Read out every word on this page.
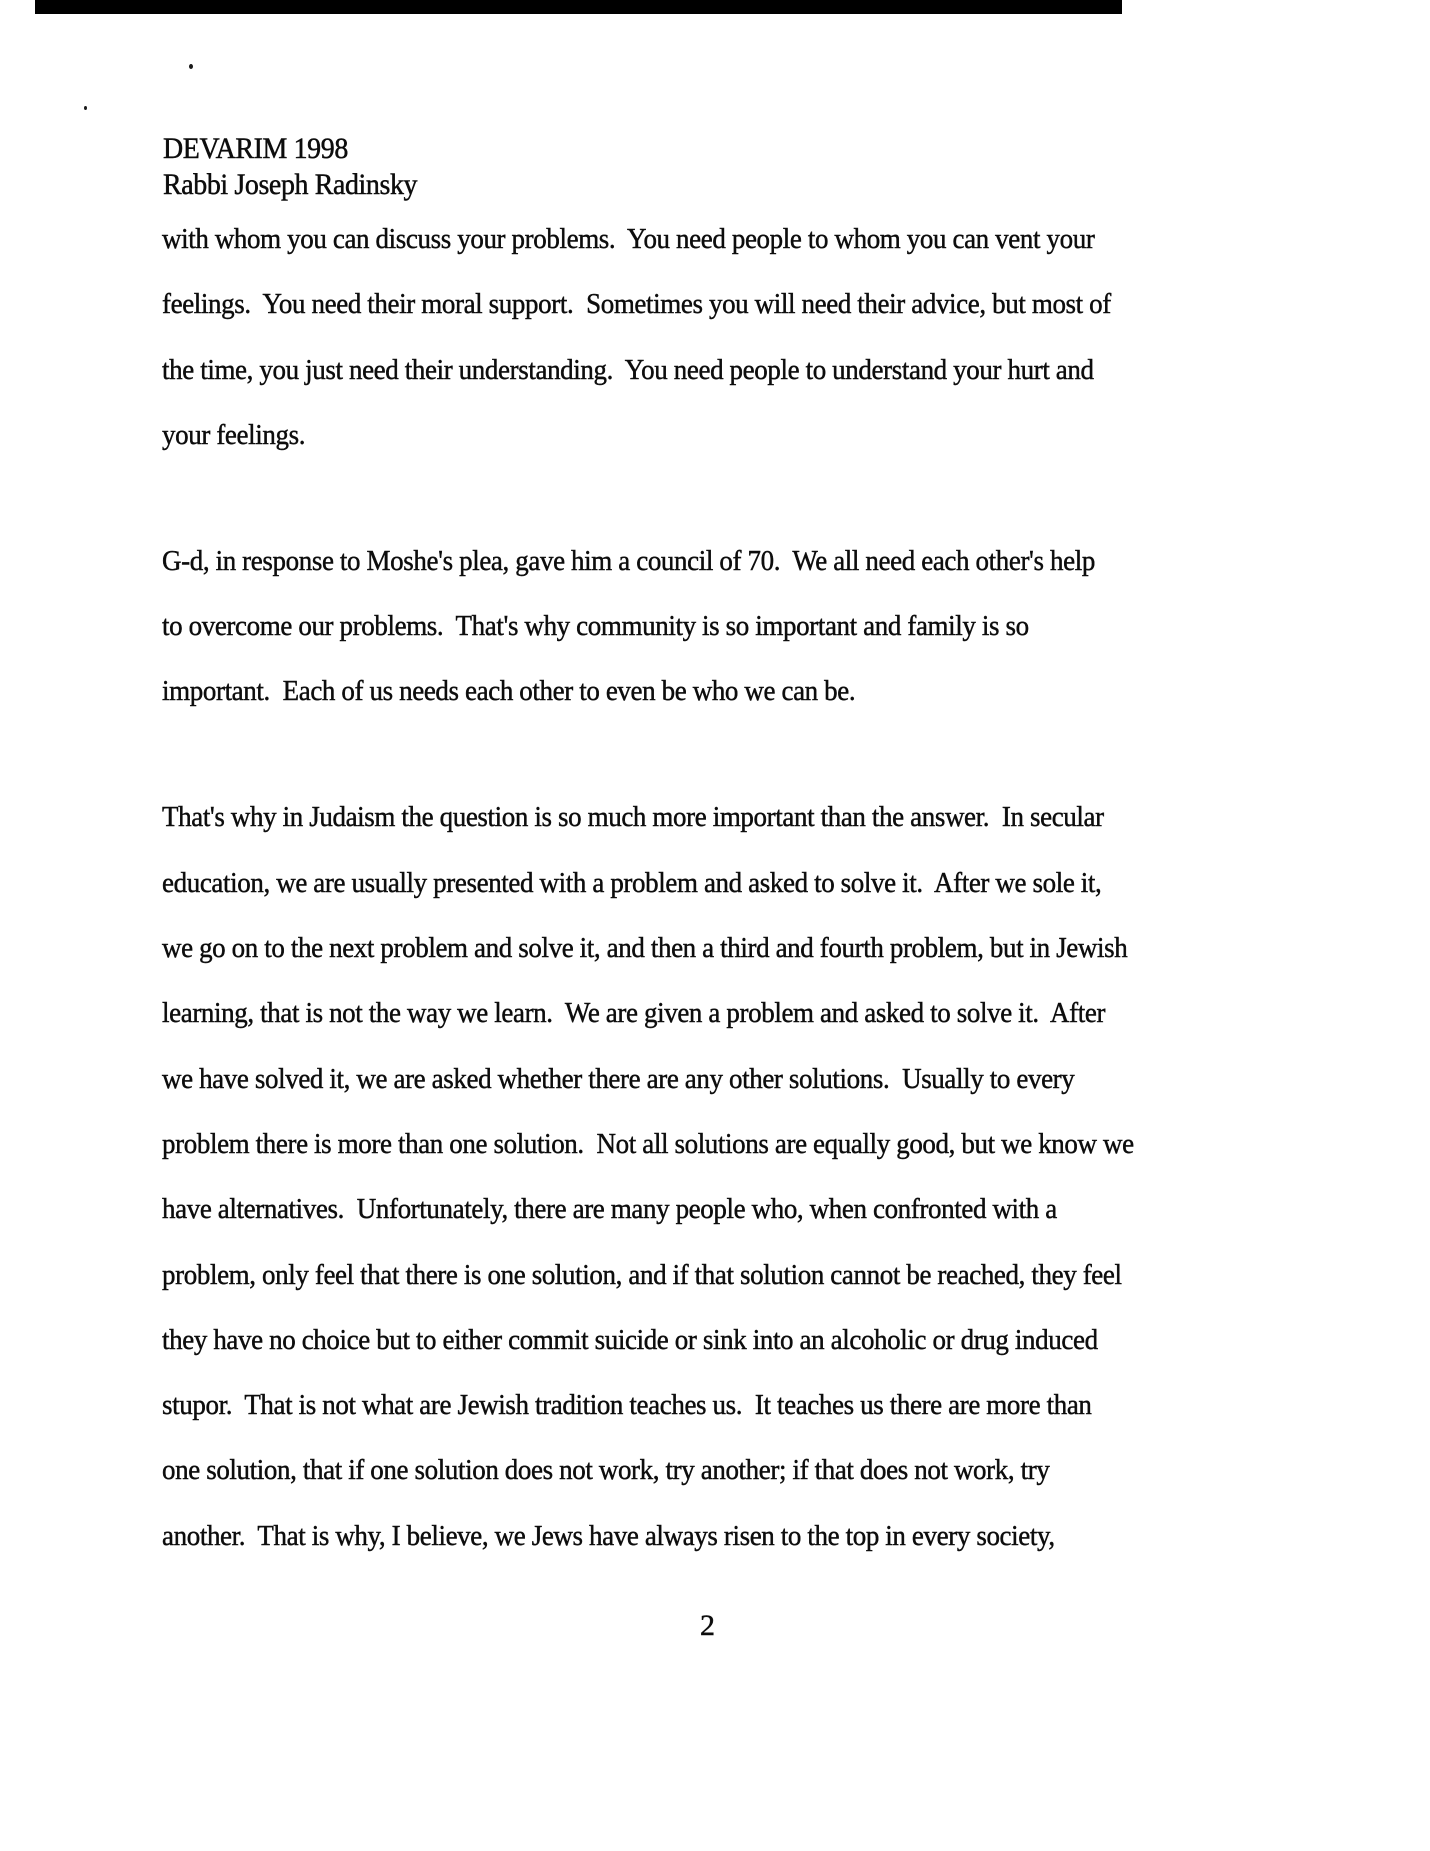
DEVARIM 1998
Rabbi Joseph Radinsky
with whom you can discuss your problems.  You need people to whom you can vent your
feelings.  You need their moral support.  Sometimes you will need their advice, but most of
the time, you just need their understanding.  You need people to understand your hurt and
your feelings.
G-d, in response to Moshe's plea, gave him a council of 70.  We all need each other's help
to overcome our problems.  That's why community is so important and family is so
important.  Each of us needs each other to even be who we can be.
That's why in Judaism the question is so much more important than the answer.  In secular
education, we are usually presented with a problem and asked to solve it.  After we sole it,
we go on to the next problem and solve it, and then a third and fourth problem, but in Jewish
learning, that is not the way we learn.  We are given a problem and asked to solve it.  After
we have solved it, we are asked whether there are any other solutions.  Usually to every
problem there is more than one solution.  Not all solutions are equally good, but we know we
have alternatives.  Unfortunately, there are many people who, when confronted with a
problem, only feel that there is one solution, and if that solution cannot be reached, they feel
they have no choice but to either commit suicide or sink into an alcoholic or drug induced
stupor.  That is not what are Jewish tradition teaches us.  It teaches us there are more than
one solution, that if one solution does not work, try another; if that does not work, try
another.  That is why, I believe, we Jews have always risen to the top in every society,
2
